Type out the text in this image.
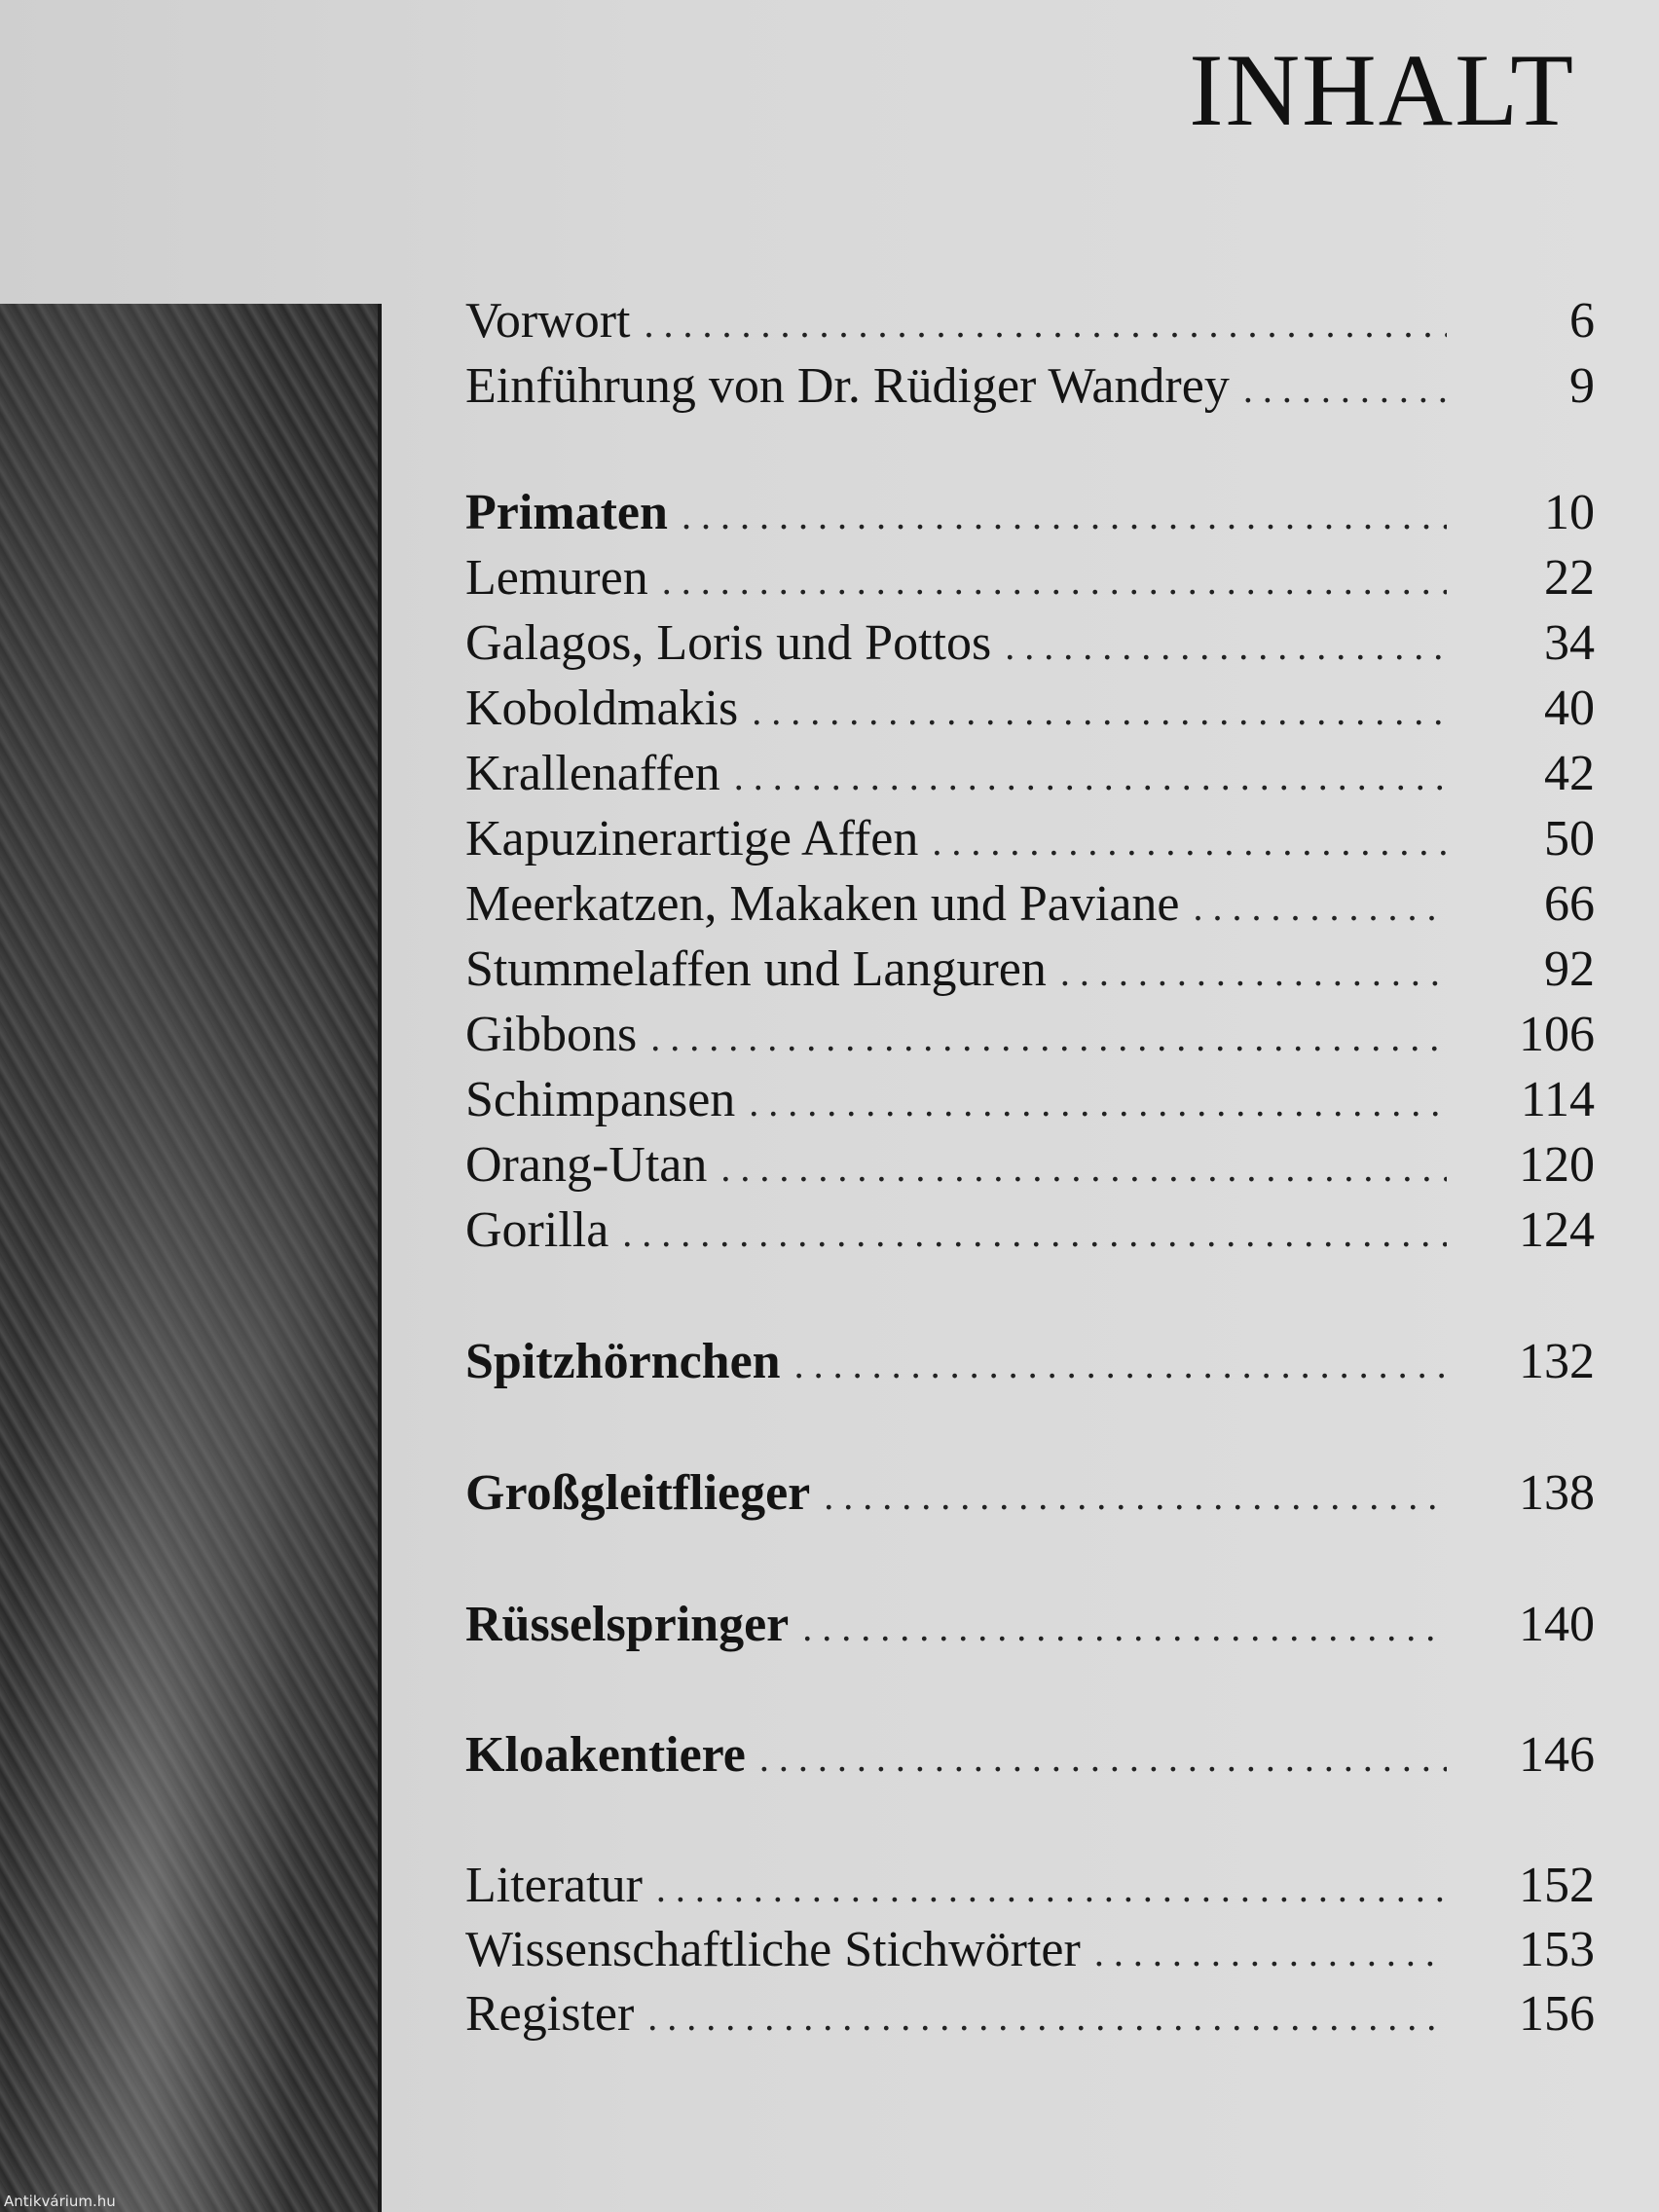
INHALT
Vorwort . . .	6
Einführung von Dr. Rüdiger Wandrey . . .	9
Primaten . . .	10
Lemuren . . .	22
Galagos, Loris und Pottos . . .	34
Koboldmakis . . .	40
Krallenaffen . . .	42
Kapuzinerartige Affen . . .	50
Meerkatzen, Makaken und Paviane . . .	66
Stummelaffen und Languren . . .	92
Gibbons . . .	106
Schimpansen . . .	114
Orang-Utan . . .	120
Gorilla . . .	124
Spitzhörnchen . . .	132
Großgleitflieger . . .	138
Rüsselspringer . . .	140
Kloakentiere . . .	146
Literatur . . .	152
Wissenschaftliche Stichwörter . . .	153
Register . . .	156
Antikvárium.hu
